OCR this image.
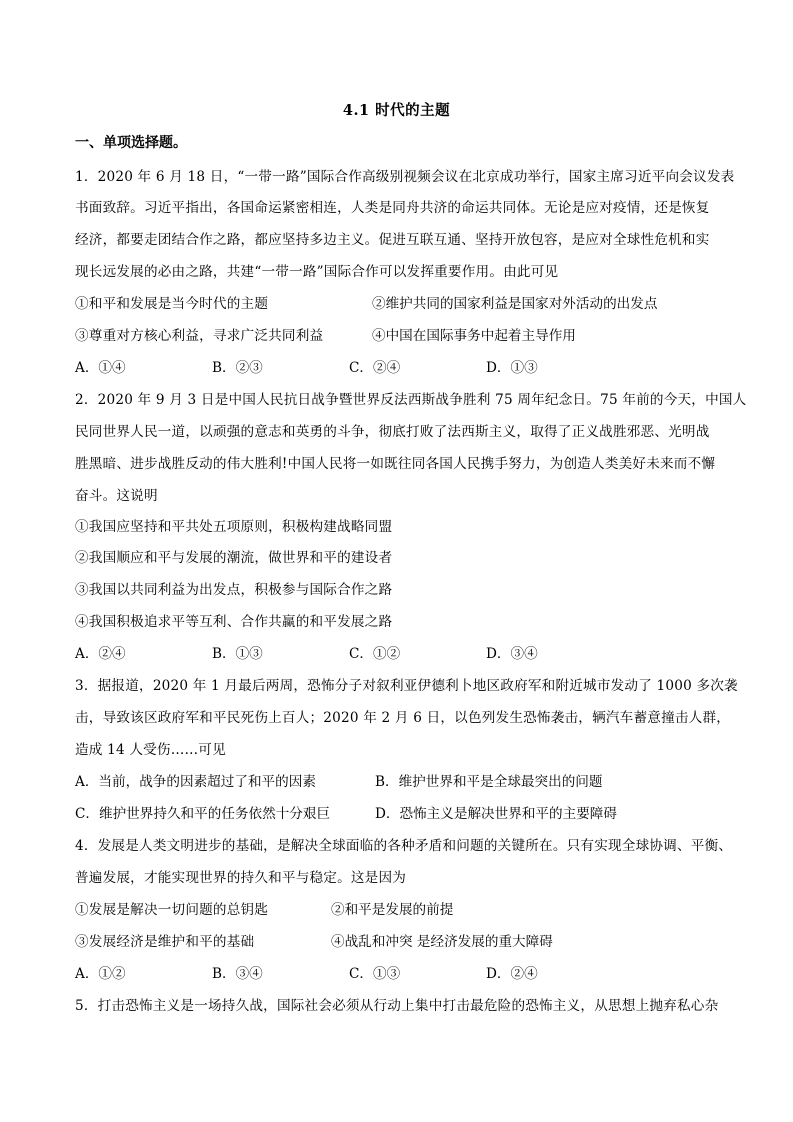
4.1 时代的主题
一、单项选择题。
1．2020 年 6 月 18 日，“一带一路”国际合作高级别视频会议在北京成功举行，国家主席习近平向会议发表
书面致辞。习近平指出，各国命运紧密相连，人类是同舟共济的命运共同体。无论是应对疫情，还是恢复
经济，都要走团结合作之路，都应坚持多边主义。促进互联互通、坚持开放包容，是应对全球性危机和实
现长远发展的必由之路，共建“一带一路”国际合作可以发挥重要作用。由此可见
①和平和发展是当今时代的主题	②维护共同的国家利益是国家对外活动的出发点
③尊重对方核心利益，寻求广泛共同利益	④中国在国际事务中起着主导作用
A．①④	B．②③	C．②④	D．①③
2．2020 年 9 月 3 日是中国人民抗日战争暨世界反法西斯战争胜利 75 周年纪念日。75 年前的今天，中国人
民同世界人民一道，以顽强的意志和英勇的斗争，彻底打败了法西斯主义，取得了正义战胜邪恶、光明战
胜黑暗、进步战胜反动的伟大胜利!中国人民将一如既往同各国人民携手努力，为创造人类美好未来而不懈
奋斗。这说明
①我国应坚持和平共处五项原则，积极构建战略同盟
②我国顺应和平与发展的潮流，做世界和平的建设者
③我国以共同利益为出发点，积极参与国际合作之路
④我国积极追求平等互利、合作共赢的和平发展之路
A．②④	B．①③	C．①②	D．③④
3．据报道，2020 年 1 月最后两周，恐怖分子对叙利亚伊德利卜地区政府军和附近城市发动了 1000 多次袭
击，导致该区政府军和平民死伤上百人；2020 年 2 月 6 日，以色列发生恐怖袭击，辆汽车蓄意撞击人群，
造成 14 人受伤……可见
A．当前，战争的因素超过了和平的因素	B．维护世界和平是全球最突出的问题
C．维护世界持久和平的任务依然十分艰巨	D．恐怖主义是解决世界和平的主要障碍
4．发展是人类文明进步的基础，是解决全球面临的各种矛盾和问题的关键所在。只有实现全球协调、平衡、
普遍发展，才能实现世界的持久和平与稳定。这是因为
①发展是解决一切问题的总钥匙	②和平是发展的前提
③发展经济是维护和平的基础	④战乱和冲突 是经济发展的重大障碍
A．①②	B．③④	C．①③	D．②④
5．打击恐怖主义是一场持久战，国际社会必须从行动上集中打击最危险的恐怖主义，从思想上抛弃私心杂
